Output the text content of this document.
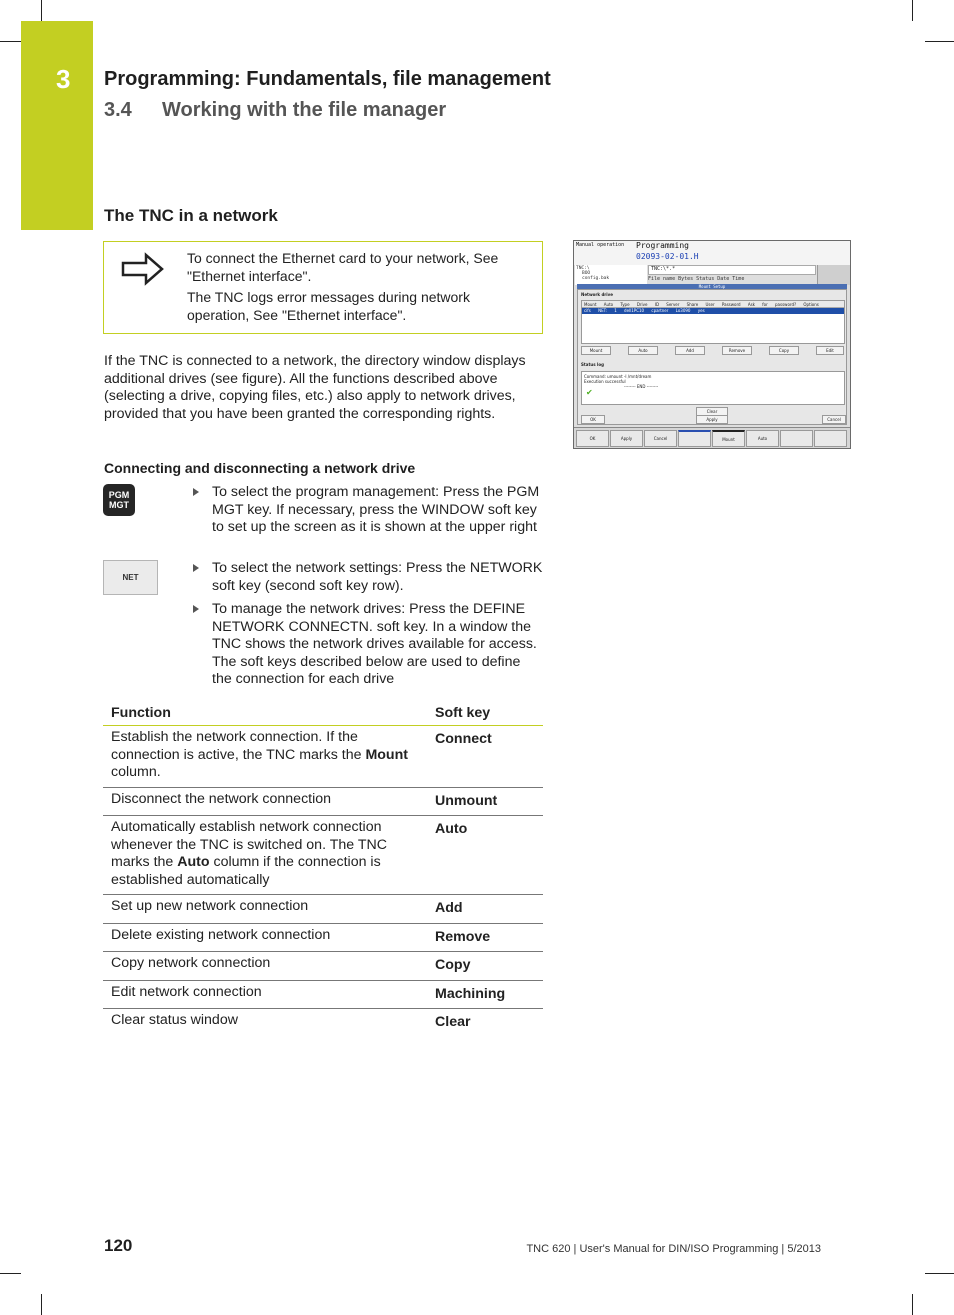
3 Programming: Fundamentals, file management
3.4 Working with the file manager
The TNC in a network

To connect the Ethernet card to your network, See "Ethernet interface".

The TNC logs error messages during network operation, See "Ethernet interface".

If the TNC is connected to a network, the directory window displays additional drives (see figure). All the functions described above (selecting a drive, copying files, etc.) also apply to network drives, provided that you have been granted the corresponding rights.

Connecting and disconnecting a network drive
PGM
MGT
NET
To select the program management: Press the PGM MGT key. If necessary, press the WINDOW soft key to set up the screen as it is shown at the upper right
To select the network settings: Press the NETWORK soft key (second soft key row).
To manage the network drives: Press the DEFINE NETWORK CONNECTN. soft key. In a window the TNC shows the network drives available for access. The soft keys described below are used to define the connection for each drive
Function	Soft key
Establish the network connection. If the connection is active, the TNC marks the Mount column.	Connect
Disconnect the network connection	Unmount
Automatically establish network connection whenever the TNC is switched on. The TNC marks the Auto column if the connection is established automatically	Auto
Set up new network connection	Add
Delete existing network connection	Remove
Copy network connection	Copy
Edit network connection	Machining
Clear status window	Clear
Manual operation Programming
02093-02-01.H
TNC:\
BOO
config.bak
TNC:\*.*
File name Bytes Status Date Time
Mount Setup
Network drive
Mount Auto Type Drive ID Server Share User Password Ask for password? Options
cifs NET: 1 dell1PC10 cpartner Lo3090 yes
Mount	Auto	Add	Remove	Copy	Edit
Status log
Command: umount -l /mnt/dream
Execution successful
-------- END --------
✔
Clear
OK	Apply	Cancel
OK	Apply	Cancel	Mount	Auto
120	TNC 620 | User's Manual for DIN/ISO Programming | 5/2013
